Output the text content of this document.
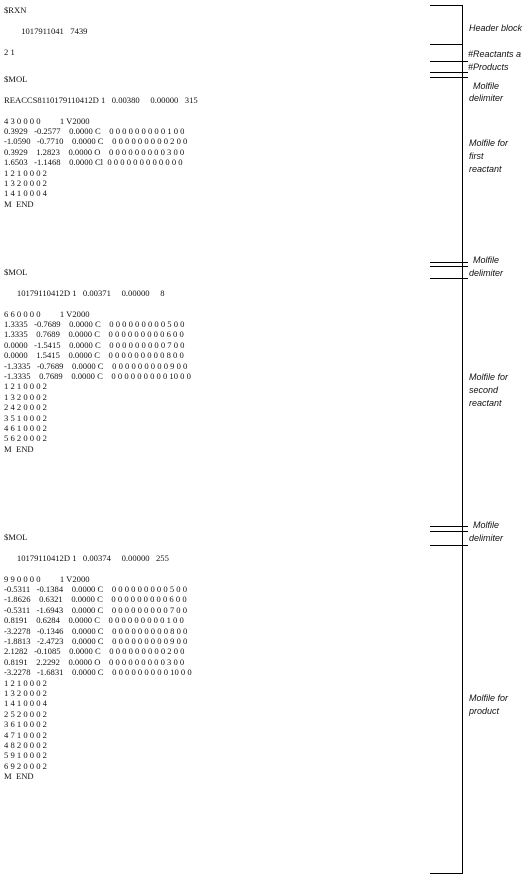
$RXN
1017911041   7439
2 1
$MOL
REACCS8110179110412D 1   0.00380     0.00000   315
4 3 0 0 0 0         1 V2000
0.3929   -0.2577    0.0000 C    0 0 0 0 0 0 0 0 0 1 0 0
-1.0590   -0.7710    0.0000 C    0 0 0 0 0 0 0 0 0 2 0 0
0.3929    1.2823    0.0000 O    0 0 0 0 0 0 0 0 0 3 0 0
1.6503   -1.1468    0.0000 Cl  0 0 0 0 0 0 0 0 0 0 0 0
1 2 1 0 0 0 2
1 3 2 0 0 0 2
1 4 1 0 0 0 4
M  END
$MOL
10179110412D 1   0.00371     0.00000     8
6 6 0 0 0 0         1 V2000
1.3335   -0.7689    0.0000 C    0 0 0 0 0 0 0 0 0 5 0 0
1.3335    0.7689    0.0000 C    0 0 0 0 0 0 0 0 0 6 0 0
0.0000   -1.5415    0.0000 C    0 0 0 0 0 0 0 0 0 7 0 0
0.0000    1.5415    0.0000 C    0 0 0 0 0 0 0 0 0 8 0 0
-1.3335   -0.7689    0.0000 C    0 0 0 0 0 0 0 0 0 9 0 0
-1.3335    0.7689    0.0000 C    0 0 0 0 0 0 0 0 0 10 0 0
1 2 1 0 0 0 2
1 3 2 0 0 0 2
2 4 2 0 0 0 2
3 5 1 0 0 0 2
4 6 1 0 0 0 2
5 6 2 0 0 0 2
M  END
$MOL
10179110412D 1   0.00374     0.00000   255
9 9 0 0 0 0         1 V2000
-0.5311   -0.1384    0.0000 C    0 0 0 0 0 0 0 0 0 5 0 0
-1.8626    0.6321    0.0000 C    0 0 0 0 0 0 0 0 0 6 0 0
-0.5311   -1.6943    0.0000 C    0 0 0 0 0 0 0 0 0 7 0 0
0.8191    0.6284    0.0000 C    0 0 0 0 0 0 0 0 0 1 0 0
-3.2278   -0.1346    0.0000 C    0 0 0 0 0 0 0 0 0 8 0 0
-1.8813   -2.4723    0.0000 C    0 0 0 0 0 0 0 0 0 9 0 0
2.1282   -0.1085    0.0000 C    0 0 0 0 0 0 0 0 0 2 0 0
0.8191    2.2292    0.0000 O    0 0 0 0 0 0 0 0 0 3 0 0
-3.2278   -1.6831    0.0000 C    0 0 0 0 0 0 0 0 0 10 0 0
1 2 1 0 0 0 2
1 3 2 0 0 0 2
1 4 1 0 0 0 4
2 5 2 0 0 0 2
3 6 1 0 0 0 2
4 7 1 0 0 0 2
4 8 2 0 0 0 2
5 9 1 0 0 0 2
6 9 2 0 0 0 2
M  END
Header block
#Reactants a
#Products
Molfile
delimiter
Molfile for
first
reactant
Molfile
delimiter
Molfile for
second
reactant
Molfile
delimiter
Molfile for
product
